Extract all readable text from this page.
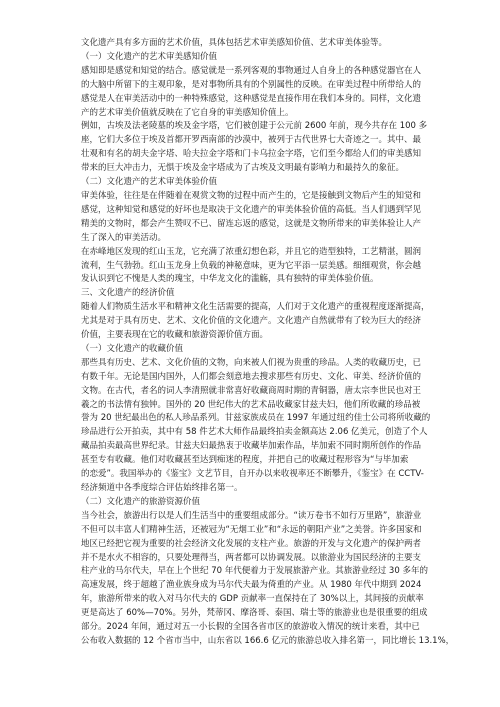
文化遗产具有多方面的艺术价值，具体包括艺术审美感知价值、艺术审美体验等。

（一）文化遗产的艺术审美感知价值

感知即是感觉和知觉的结合。感觉就是一系列客观的事物通过人自身上的各种感觉器官在人

的大脑中所留下的主观印象，是对事物所具有的个别属性的反映。在审美过程中所带给人的

感觉是人在审美活动中的一种特殊感觉，这种感觉是直接作用在我们本身的。同样，文化遗

产的艺术审美价值就反映在了它自身的审美感知价值上。

例如，古埃及法老陵墓的埃及金字塔，它们被创建于公元前 2600 年前，现今共存在 100 多

座，它们大多位于埃及首都开罗西南部的沙漠中，被列于古代世界七大奇迹之一。其中、最

壮观和有名的胡夫金字塔、哈夫拉金字塔和门卡乌拉金字塔，它们至今都给人们的审美感知

带来的巨大冲击力，无惧于埃及金字塔成为了古埃及文明最有影响力和最持久的象征。

（二）文化遗产的艺术审美体验价值

审美体验，往往是在伴随着在观赏文物的过程中而产生的，它是接触到文物后产生的知觉和

感觉，这种知觉和感觉的好坏也是取决于文化遗产的审美体验价值的高低。当人们遇到罕见

精美的文物时，都会产生赞叹不已、留连忘返的感觉，这就是文物所带来的审美体验让人产

生了深入的审美活动。

在赤峰地区发现的红山玉龙，它充满了浓重幻想色彩，并且它的造型独特，工艺精湛，圆润

流利，生气勃勃。红山玉龙身上负载的神秘意味，更为它平添一层美感。细细观赏，你会越

发认识到它不愧是人类的瑰宝，中华龙文化的滥觞，具有独特的审美体验价值。

三、文化遗产的经济价值

随着人们物质生活水平和精神文化生活需要的提高，人们对于文化遗产的重视程度逐渐提高，

尤其是对于具有历史、艺术、文化价值的文化遗产。文化遗产自然就带有了较为巨大的经济

价值，主要表现在它的收藏和旅游资源价值方面。

（一）文化遗产的收藏价值

那些具有历史、艺术、文化价值的文物，向来被人们视为贵重的珍品。人类的收藏历史，已

有数千年。无论是国内国外，人们都会刻意地去搜求那些有历史、文化、审美、经济价值的

文物。在古代，者名的词人李清照就非常喜好收藏商周时期的青铜器，唐太宗李世民也对王

羲之的书法情有独钟。国外的 20 世纪伟大的艺术品收藏家甘兹夫妇，他们所收藏的珍品被

誉为 20 世纪最出色的私人珍品系列。甘兹家族成员在 1997 年通过纽约佳士公司将所收藏的

珍品进行公开拍卖，其中有 58 件艺术大师作品最终拍卖金额高达 2.06 亿美元，创造了个人

藏品拍卖最高世界纪录。甘兹夫妇最热衷于收藏毕加索作品，毕加索不同时期所创作的作品

甚至专有收藏。他们对收藏甚至达到痴迷的程度，并把自己的收藏过程形容为“与毕加索

的恋爱”。我国举办的《鉴宝》文艺节目，自开办以来收视率还不断攀升，《鉴宝》在 CCTV-

经济频道中各季度综合评估始终排名第一。

（二）文化遗产的旅游资源价值

当今社会，旅游出行以是人们生活当中的重要组成部分。“读万卷书不如行万里路”，旅游业

不但可以丰富人们精神生活，还被冠为“无烟工业”和“永远的朝阳产业”之美誉。许多国家和

地区已经把它视为重要的社会经济文化发展的支柱产业。旅游的开发与文化遗产的保护两者

并不是水火不相容的，只要处理得当，两者都可以协调发展。以旅游业为国民经济的主要支

柱产业的马尔代夫，早在上个世纪 70 年代便着力于发展旅游产业。其旅游业经过 30 多年的

高速发展，终于超越了渔业族身成为马尔代夫最为倚重的产业。从 1980 年代中期到 2024

年，旅游所带来的收入对马尔代夫的 GDP 贡献率一直保持在了 30%以上，其间接的贡献率

更是高达了 60%—70%。另外，梵蒂冈、摩洛哥、泰国、瑞士等的旅游业也是很重要的组成

部分。2024 年间，通过对五一小长假的全国各省市区的旅游收入情况的统计来看，其中已

公布收入数据的 12 个省市当中，山东省以 166.6 亿元的旅游总收入排名第一，同比增长 13.1%，
